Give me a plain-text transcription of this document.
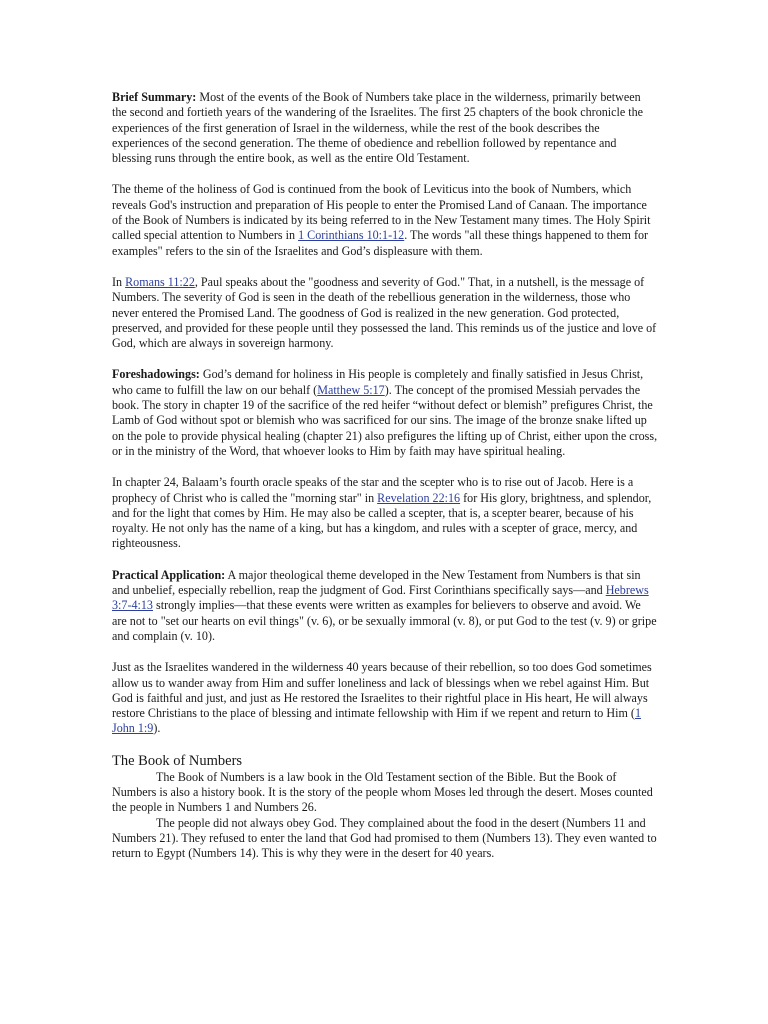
Brief Summary: Most of the events of the Book of Numbers take place in the wilderness, primarily between the second and fortieth years of the wandering of the Israelites. The first 25 chapters of the book chronicle the experiences of the first generation of Israel in the wilderness, while the rest of the book describes the experiences of the second generation. The theme of obedience and rebellion followed by repentance and blessing runs through the entire book, as well as the entire Old Testament.

The theme of the holiness of God is continued from the book of Leviticus into the book of Numbers, which reveals God's instruction and preparation of His people to enter the Promised Land of Canaan. The importance of the Book of Numbers is indicated by its being referred to in the New Testament many times. The Holy Spirit called special attention to Numbers in 1 Corinthians 10:1-12. The words "all these things happened to them for examples" refers to the sin of the Israelites and God’s displeasure with them.

In Romans 11:22, Paul speaks about the "goodness and severity of God." That, in a nutshell, is the message of Numbers. The severity of God is seen in the death of the rebellious generation in the wilderness, those who never entered the Promised Land. The goodness of God is realized in the new generation. God protected, preserved, and provided for these people until they possessed the land. This reminds us of the justice and love of God, which are always in sovereign harmony.

Foreshadowings: God’s demand for holiness in His people is completely and finally satisfied in Jesus Christ, who came to fulfill the law on our behalf (Matthew 5:17). The concept of the promised Messiah pervades the book. The story in chapter 19 of the sacrifice of the red heifer “without defect or blemish” prefigures Christ, the Lamb of God without spot or blemish who was sacrificed for our sins. The image of the bronze snake lifted up on the pole to provide physical healing (chapter 21) also prefigures the lifting up of Christ, either upon the cross, or in the ministry of the Word, that whoever looks to Him by faith may have spiritual healing.

In chapter 24, Balaam’s fourth oracle speaks of the star and the scepter who is to rise out of Jacob. Here is a prophecy of Christ who is called the "morning star" in Revelation 22:16 for His glory, brightness, and splendor, and for the light that comes by Him. He may also be called a scepter, that is, a scepter bearer, because of his royalty. He not only has the name of a king, but has a kingdom, and rules with a scepter of grace, mercy, and righteousness.

Practical Application: A major theological theme developed in the New Testament from Numbers is that sin and unbelief, especially rebellion, reap the judgment of God. First Corinthians specifically says—and Hebrews 3:7-4:13 strongly implies—that these events were written as examples for believers to observe and avoid. We are not to "set our hearts on evil things" (v. 6), or be sexually immoral (v. 8), or put God to the test (v. 9) or gripe and complain (v. 10).

Just as the Israelites wandered in the wilderness 40 years because of their rebellion, so too does God sometimes allow us to wander away from Him and suffer loneliness and lack of blessings when we rebel against Him. But God is faithful and just, and just as He restored the Israelites to their rightful place in His heart, He will always restore Christians to the place of blessing and intimate fellowship with Him if we repent and return to Him (1 John 1:9).

The Book of Numbers

The Book of Numbers is a law book in the Old Testament section of the Bible. But the Book of Numbers is also a history book. It is the story of the people whom Moses led through the desert. Moses counted the people in Numbers 1 and Numbers 26.

The people did not always obey God. They complained about the food in the desert (Numbers 11 and Numbers 21). They refused to enter the land that God had promised to them (Numbers 13). They even wanted to return to Egypt (Numbers 14). This is why they were in the desert for 40 years.
